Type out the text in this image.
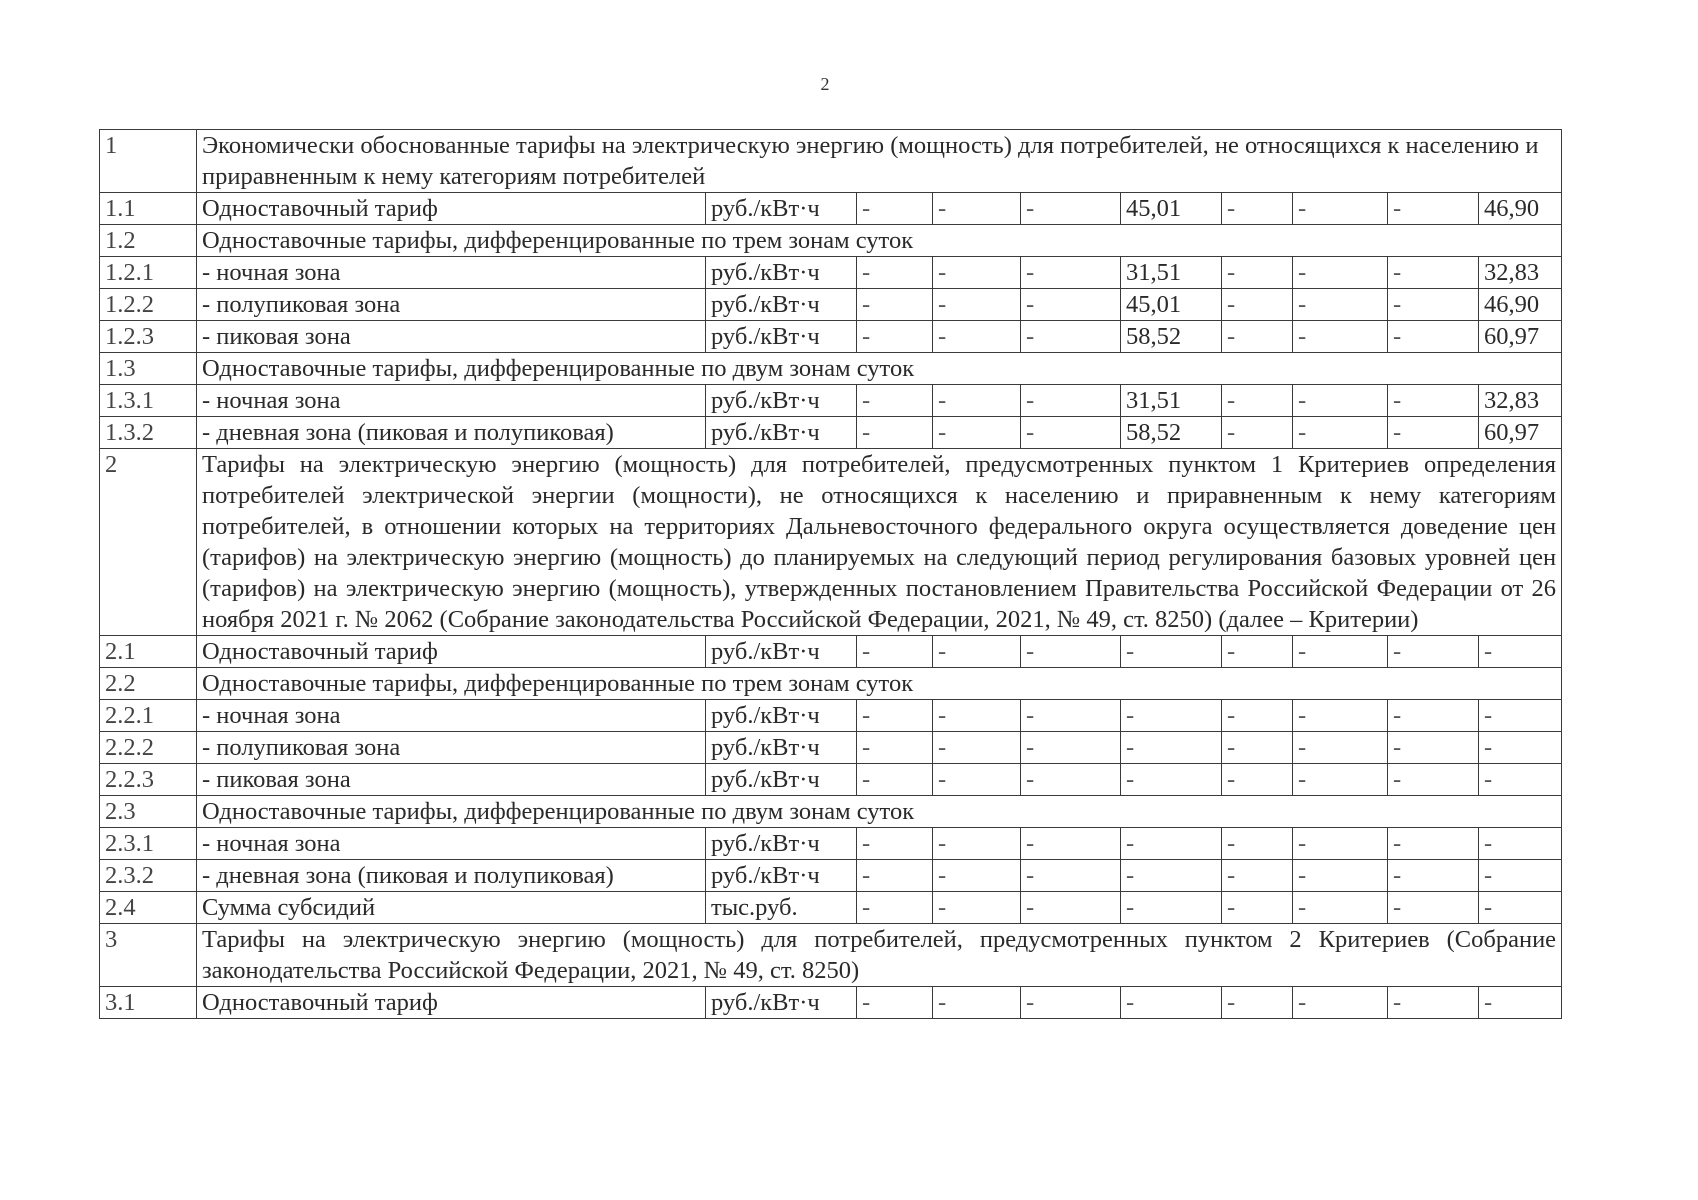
2
1	Экономически обоснованные тарифы на электрическую энергию (мощность) для потребителей, не относящихся к населению и приравненным к нему категориям потребителей									
1.1	Одноставочный тариф	руб./кВт·ч	-	-	-	45,01	-	-	-	46,90
1.2	Одноставочные тарифы, дифференцированные по трем зонам суток									
1.2.1	- ночная зона	руб./кВт·ч	-	-	-	31,51	-	-	-	32,83
1.2.2	- полупиковая зона	руб./кВт·ч	-	-	-	45,01	-	-	-	46,90
1.2.3	- пиковая зона	руб./кВт·ч	-	-	-	58,52	-	-	-	60,97
1.3	Одноставочные тарифы, дифференцированные по двум зонам суток									
1.3.1	- ночная зона	руб./кВт·ч	-	-	-	31,51	-	-	-	32,83
1.3.2	- дневная зона (пиковая и полупиковая)	руб./кВт·ч	-	-	-	58,52	-	-	-	60,97
2	Тарифы на электрическую энергию (мощность) для потребителей, предусмотренных пунктом 1 Критериев определения потребителей электрической энергии (мощности), не относящихся к населению и приравненным к нему категориям потребителей, в отношении которых на территориях Дальневосточного федерального округа осуществляется доведение цен (тарифов) на электрическую энергию (мощность) до планируемых на следующий период регулирования базовых уровней цен (тарифов) на электрическую энергию (мощность), утвержденных постановлением Правительства Российской Федерации от 26 ноября 2021 г. № 2062 (Собрание законодательства Российской Федерации, 2021, № 49, ст. 8250) (далее – Критерии)									
2.1	Одноставочный тариф	руб./кВт·ч	-	-	-	-	-	-	-	-
2.2	Одноставочные тарифы, дифференцированные по трем зонам суток									
2.2.1	- ночная зона	руб./кВт·ч	-	-	-	-	-	-	-	-
2.2.2	- полупиковая зона	руб./кВт·ч	-	-	-	-	-	-	-	-
2.2.3	- пиковая зона	руб./кВт·ч	-	-	-	-	-	-	-	-
2.3	Одноставочные тарифы, дифференцированные по двум зонам суток									
2.3.1	- ночная зона	руб./кВт·ч	-	-	-	-	-	-	-	-
2.3.2	- дневная зона (пиковая и полупиковая)	руб./кВт·ч	-	-	-	-	-	-	-	-
2.4	Сумма субсидий	тыс.руб.	-	-	-	-	-	-	-	-
3	Тарифы на электрическую энергию (мощность) для потребителей, предусмотренных пунктом 2 Критериев (Собрание законодательства Российской Федерации, 2021, № 49, ст. 8250)									
3.1	Одноставочный тариф	руб./кВт·ч	-	-	-	-	-	-	-	-
